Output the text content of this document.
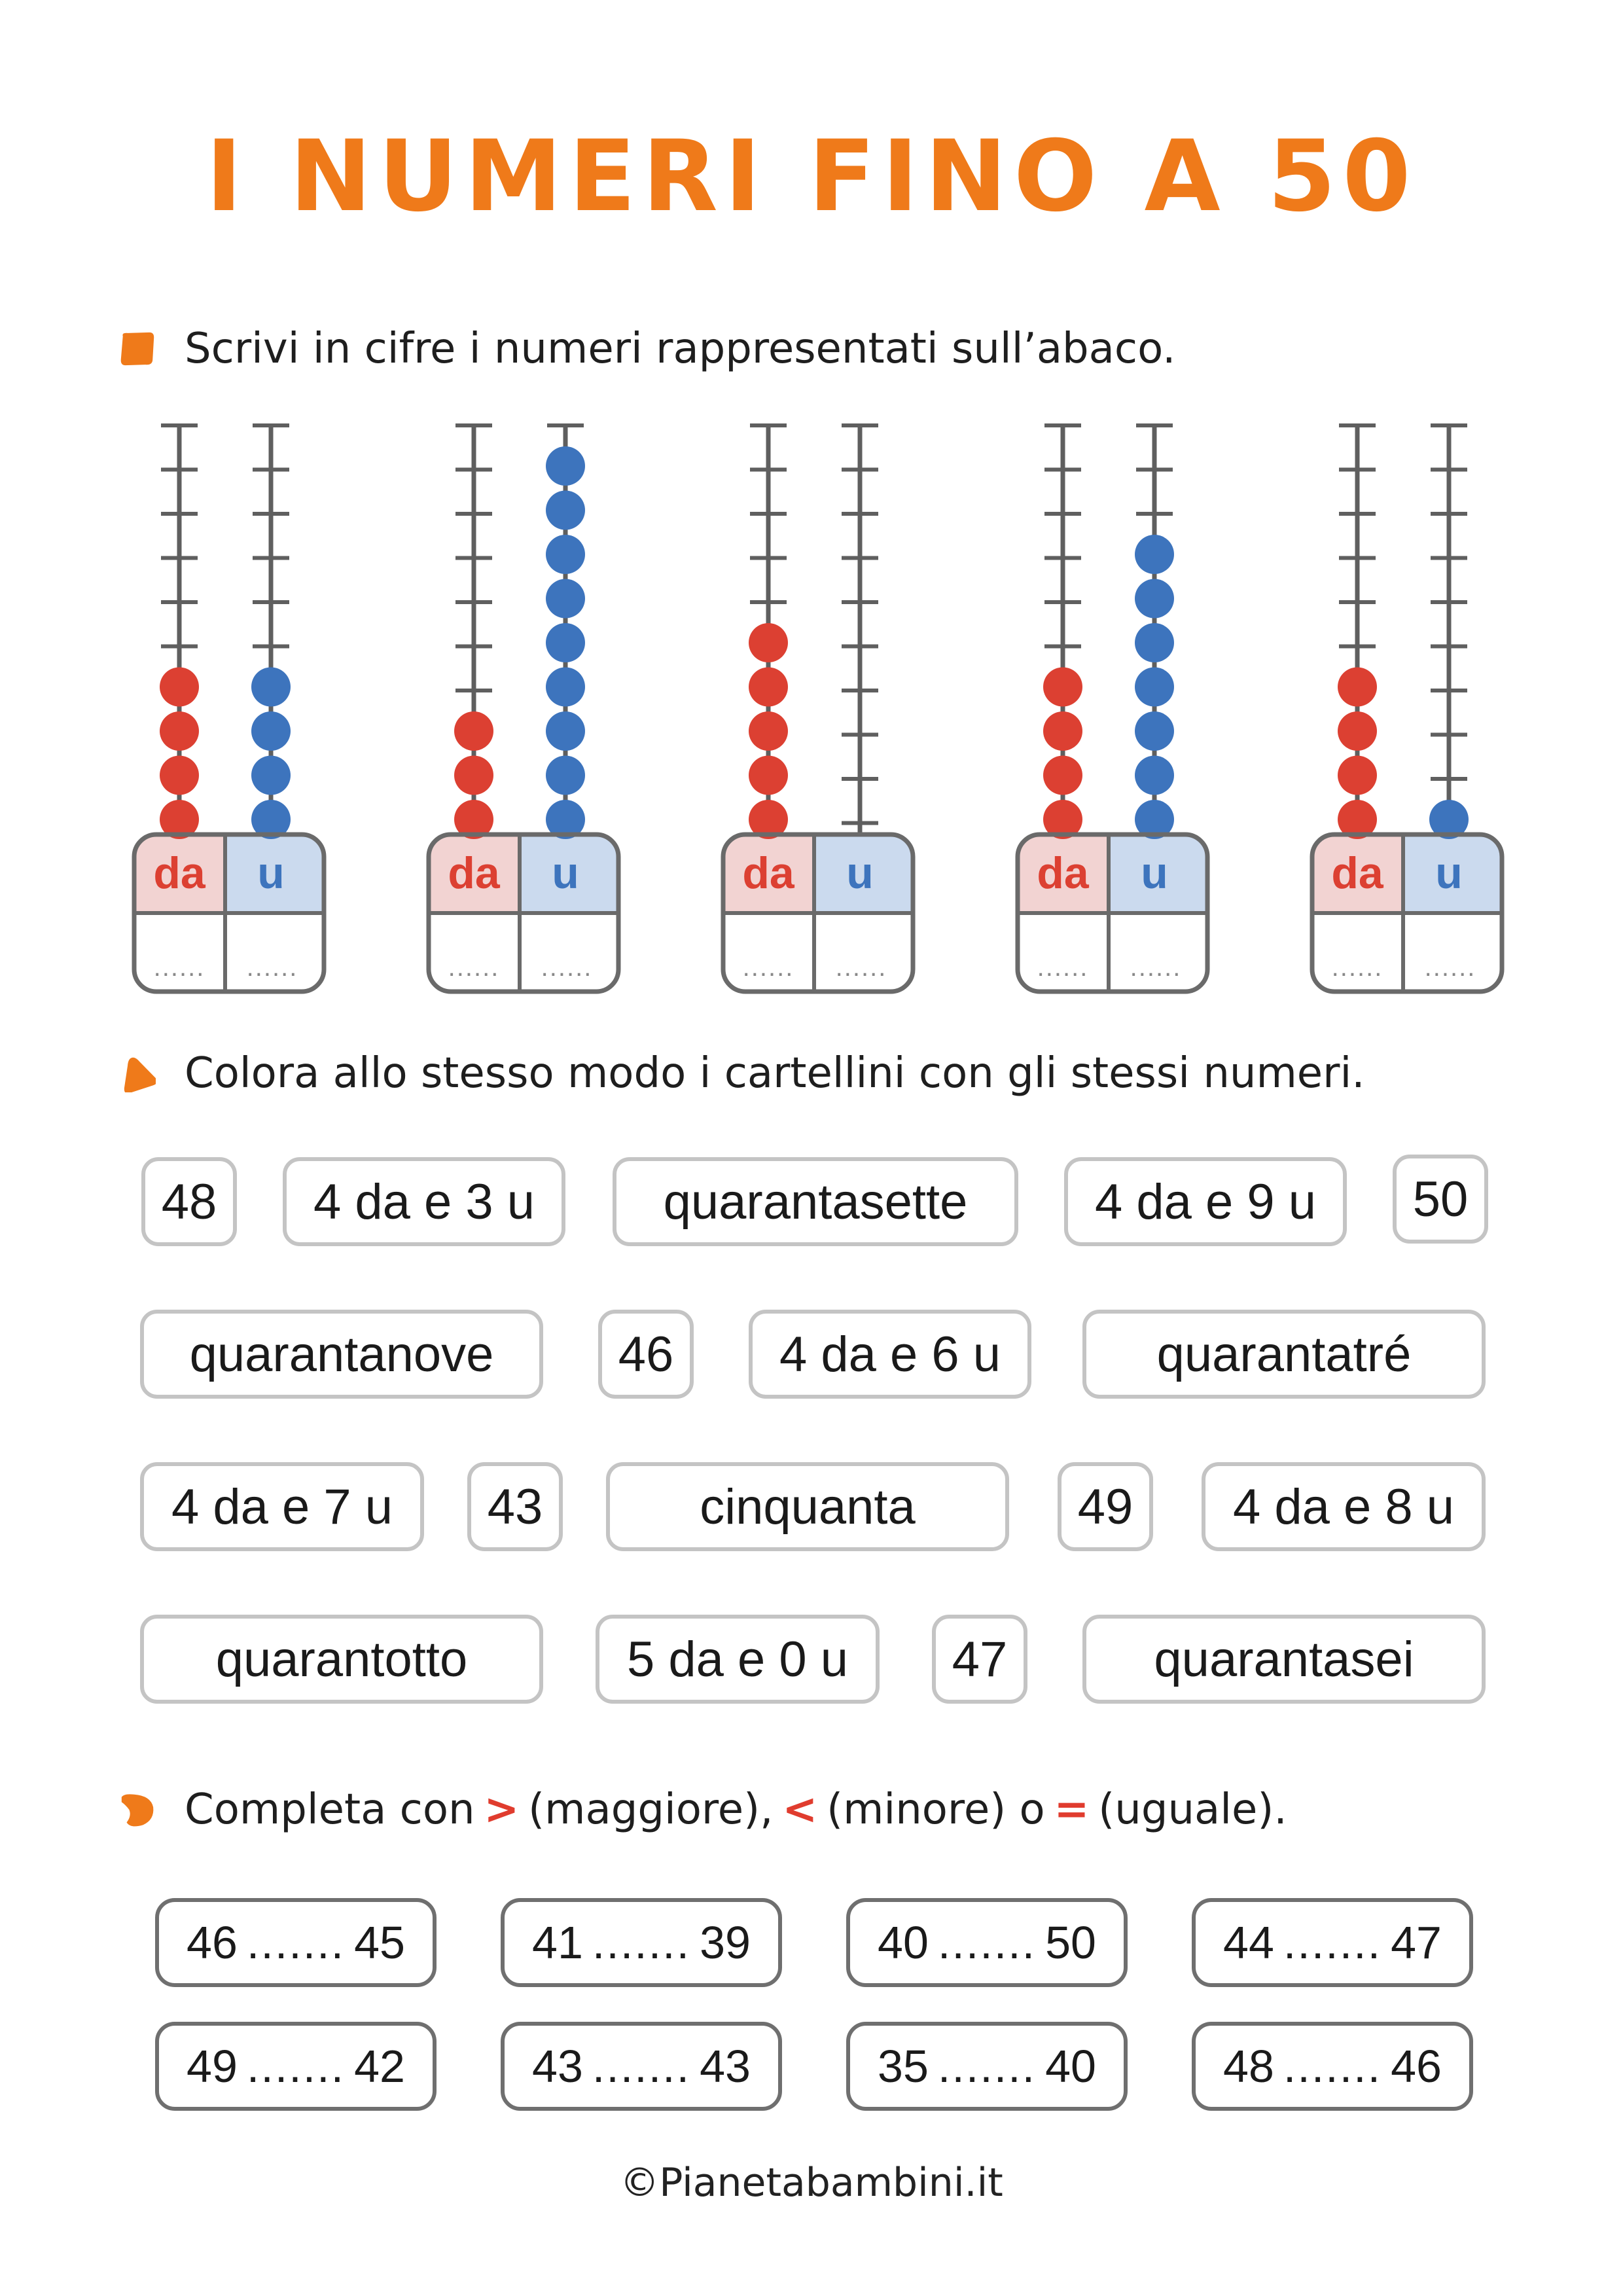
I NUMERI FINO A 50
Scrivi in cifre i numeri rappresentati sull’abaco.
da	u
......	......
da	u
......	......
da	u
......	......
da	u
......	......
da	u
......	......
Colora allo stesso modo i cartellini con gli stessi numeri.
48	4 da e 3 u	quarantasette	4 da e 9 u	50
quarantanove	46	4 da e 6 u	quarantatré
4 da e 7 u	43	cinquanta	49	4 da e 8 u
quarantotto	5 da e 0 u	47	quarantasei
Completa con > (maggiore), < (minore) o = (uguale).
46 ....... 45	41 ....... 39	40 ....... 50	44 ....... 47
49 ....... 42	43 ....... 43	35 ....... 40	48 ....... 46
©Pianetabambini.it
